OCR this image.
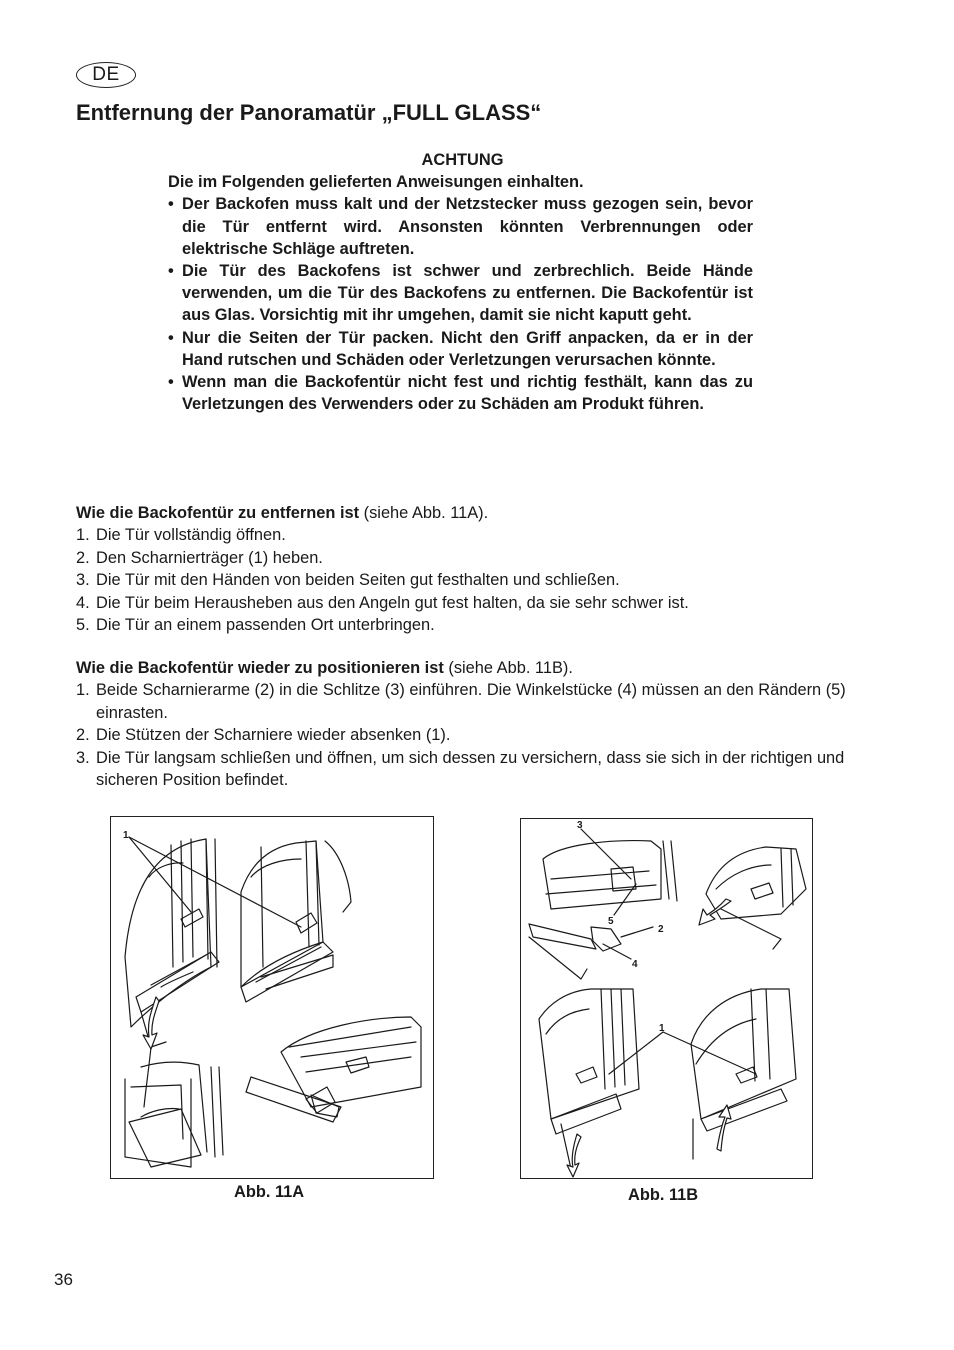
DE
Entfernung der Panoramatür „FULL GLASS“
ACHTUNG
Die im Folgenden gelieferten Anweisungen einhalten.
• Der Backofen muss kalt und der Netzstecker muss gezogen sein, bevor die Tür entfernt wird. Ansonsten könnten Verbrennungen oder elektrische Schläge auftreten.
• Die Tür des Backofens ist schwer und zerbrechlich. Beide Hände verwenden, um die Tür des Backofens zu entfernen. Die Backofentür ist aus Glas. Vorsichtig mit ihr umgehen, damit sie nicht kaputt geht.
• Nur die Seiten der Tür packen. Nicht den Griff anpacken, da er in der Hand rutschen und Schäden oder Verletzungen verursachen könnte.
• Wenn man die Backofentür nicht fest und richtig festhält, kann das zu Verletzungen des Verwenders oder zu Schäden am Produkt führen.
Wie die Backofentür zu entfernen ist (siehe Abb. 11A).
1. Die Tür vollständig öffnen.
2. Den Scharnierträger (1) heben.
3. Die Tür mit den Händen von beiden Seiten gut festhalten und schließen.
4. Die Tür beim Herausheben aus den Angeln gut fest halten, da sie sehr schwer ist.
5. Die Tür an einem passenden Ort unterbringen.
Wie die Backofentür wieder zu positionieren ist (siehe Abb. 11B).
1. Beide Scharnierarme (2) in die Schlitze (3) einführen. Die Winkelstücke (4) müssen an den Rändern (5) einrasten.
2. Die Stützen der Scharniere wieder absenken (1).
3. Die Tür langsam schließen und öffnen, um sich dessen zu versichern, dass sie sich in der richtigen und sicheren Position befindet.
1
Abb. 11A
3
5
2
4
1
Abb. 11B
36
